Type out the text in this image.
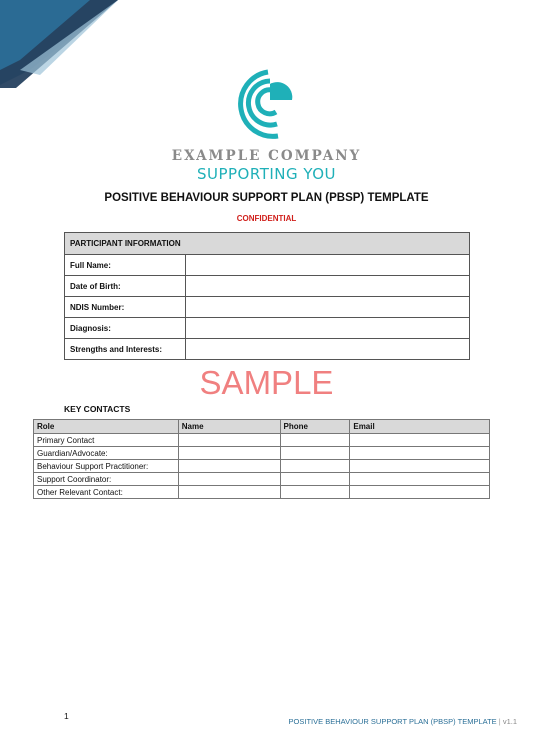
EXAMPLE COMPANY
SUPPORTING YOU
POSITIVE BEHAVIOUR SUPPORT PLAN (PBSP) TEMPLATE
CONFIDENTIAL
PARTICIPANT INFORMATION	
Full Name:	
Date of Birth:	
NDIS Number:	
Diagnosis:	
Strengths and Interests:	
SAMPLE
KEY CONTACTS
Role	Name	Phone	Email
Primary Contact			
Guardian/Advocate:			
Behaviour Support Practitioner:			
Support Coordinator:			
Other Relevant Contact:			
1
POSITIVE BEHAVIOUR SUPPORT PLAN (PBSP) TEMPLATE | v1.1
